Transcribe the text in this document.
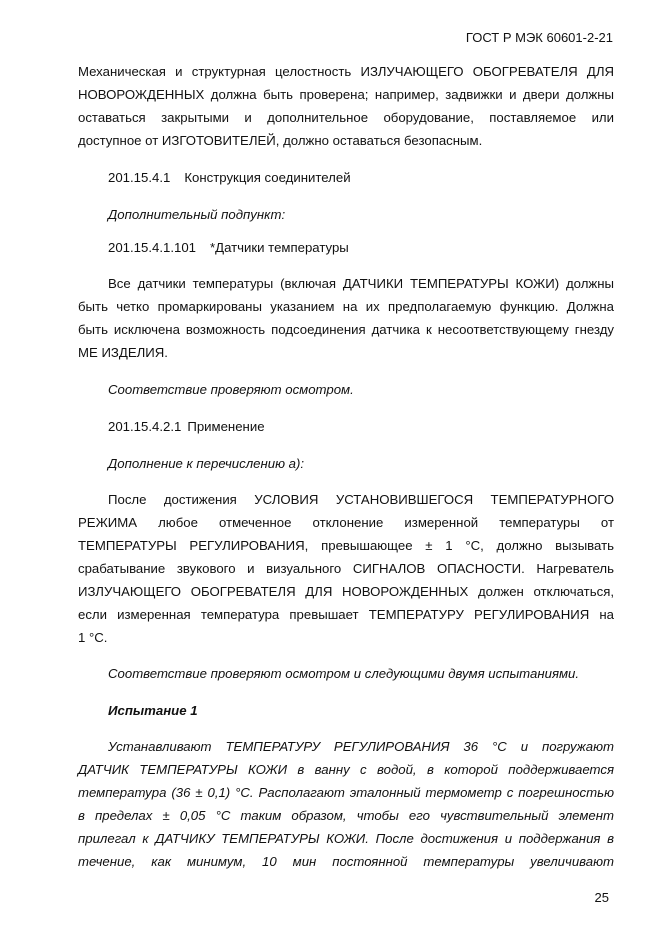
ГОСТ Р МЭК 60601-2-21
Механическая и структурная целостность ИЗЛУЧАЮЩЕГО ОБОГРЕВАТЕЛЯ ДЛЯ
НОВОРОЖДЕННЫХ должна быть проверена; например, задвижки и двери должны
оставаться закрытыми и дополнительное оборудование, поставляемое или
доступное от ИЗГОТОВИТЕЛЕЙ, должно оставаться безопасным.
201.15.4.1 Конструкция соединителей
Дополнительный подпункт:
201.15.4.1.101 *Датчики температуры
Все датчики температуры (включая ДАТЧИКИ ТЕМПЕРАТУРЫ КОЖИ) должны
быть четко промаркированы указанием на их предполагаемую функцию. Должна
быть исключена возможность подсоединения датчика к несоответствующему гнезду
МЕ ИЗДЕЛИЯ.
Соответствие проверяют осмотром.
201.15.4.2.1 Применение
Дополнение к перечислению а):
После достижения УСЛОВИЯ УСТАНОВИВШЕГОСЯ ТЕМПЕРАТУРНОГО
РЕЖИМА любое отмеченное отклонение измеренной температуры от
ТЕМПЕРАТУРЫ РЕГУЛИРОВАНИЯ, превышающее ± 1 °С, должно вызывать
срабатывание звукового и визуального СИГНАЛОВ ОПАСНОСТИ. Нагреватель
ИЗЛУЧАЮЩЕГО ОБОГРЕВАТЕЛЯ ДЛЯ НОВОРОЖДЕННЫХ должен отключаться,
если измеренная температура превышает ТЕМПЕРАТУРУ РЕГУЛИРОВАНИЯ на
1 °С.
Соответствие проверяют осмотром и следующими двумя испытаниями.
Испытание 1
Устанавливают ТЕМПЕРАТУРУ РЕГУЛИРОВАНИЯ 36 °С и погружают
ДАТЧИК ТЕМПЕРАТУРЫ КОЖИ в ванну с водой, в которой поддерживается
температура (36 ± 0,1) °С. Располагают эталонный термометр с погрешностью
в пределах ± 0,05 °С таким образом, чтобы его чувствительный элемент
прилегал к ДАТЧИКУ ТЕМПЕРАТУРЫ КОЖИ. После достижения и поддержания в
течение, как минимум, 10 мин постоянной температуры увеличивают
25
